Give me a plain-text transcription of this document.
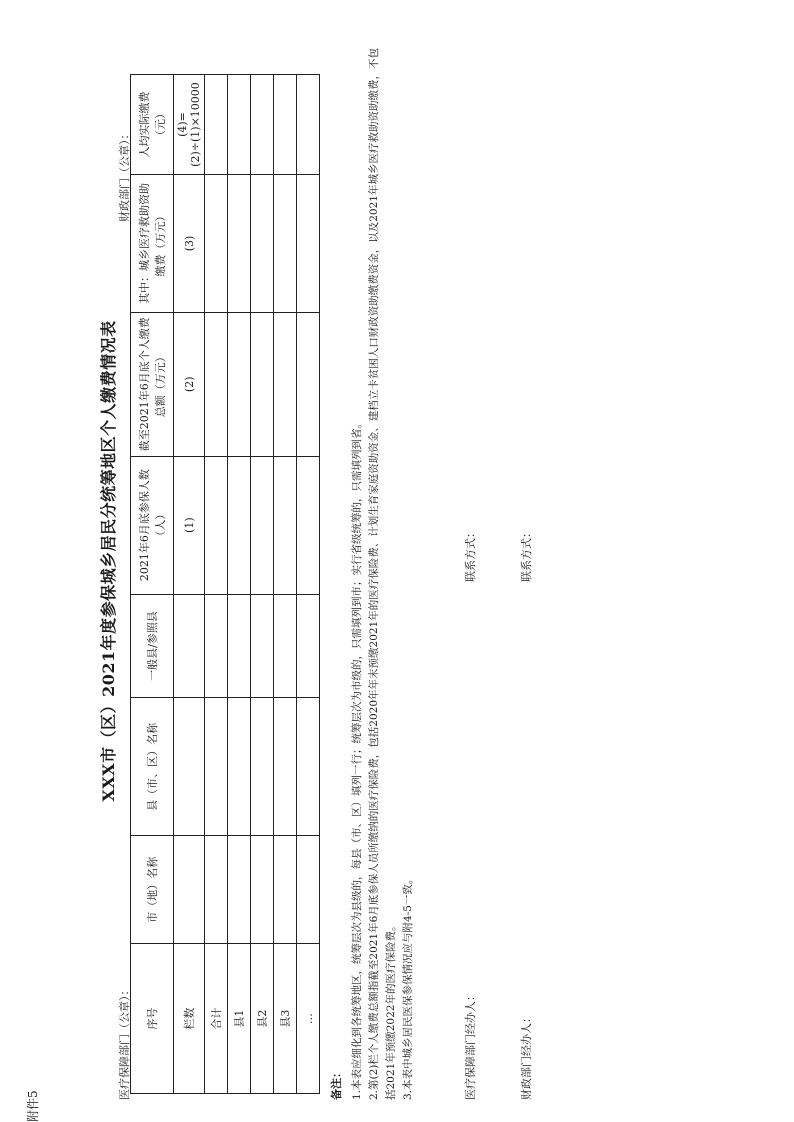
附件5
XXX市（区）2021年度参保城乡居民分统筹地区个人缴费情况表
医疗保障部门（公章）：
财政部门（公章）：
序号	市（地）名称	县（市、区）名称	一般县/参照县	2021年6月底参保人数（人）	截至2021年6月底个人缴费总额（万元）	其中：城乡医疗救助资助缴费（万元）	人均实际缴费（元）
栏数				(1)	(2)	(3)	(4)=(2)÷(1)×10000
合计							
县1							
县2							
县3							
…							
备注： 1.本表应细化到各统筹地区，统筹层次为县级的，每县（市、区）填列一行；统筹层次为市级的，只需填列到市；实行省级统筹的，只需填列到省。 2.第(2)栏个人缴费总额指截至2021年6月底参保人员所缴纳的医疗保险费，包括2020年年末预缴2021年的医疗保险费、计划生育家庭资助资金、建档立卡贫困人口财政资助缴费资金，以及2021年城乡医疗救助资助缴费，不包括2021年预缴2022年的医疗保险费。 3.本表中城乡居民医保参保情况应与附4-5一致。	医疗保障部门经办人：
联系方式：
财政部门经办人：
联系方式：
